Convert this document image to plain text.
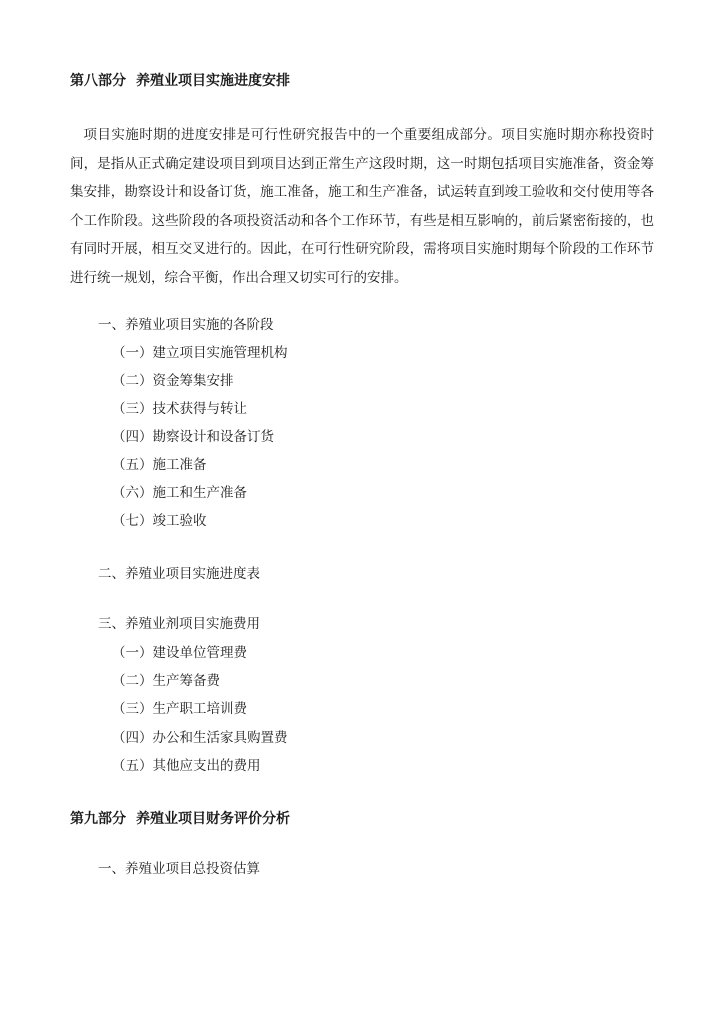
第八部分 养殖业项目实施进度安排

项目实施时期的进度安排是可行性研究报告中的一个重要组成部分。项目实施时期亦称投资时间，是指从正式确定建设项目到项目达到正常生产这段时期，这一时期包括项目实施准备，资金筹集安排，勘察设计和设备订货，施工准备，施工和生产准备，试运转直到竣工验收和交付使用等各个工作阶段。这些阶段的各项投资活动和各个工作环节，有些是相互影响的，前后紧密衔接的，也有同时开展，相互交叉进行的。因此，在可行性研究阶段，需将项目实施时期每个阶段的工作环节进行统一规划，综合平衡，作出合理又切实可行的安排。

一、养殖业项目实施的各阶段
（一）建立项目实施管理机构
（二）资金筹集安排
（三）技术获得与转让
（四）勘察设计和设备订货
（五）施工准备
（六）施工和生产准备
（七）竣工验收
二、养殖业项目实施进度表
三、养殖业剂项目实施费用
（一）建设单位管理费
（二）生产筹备费
（三）生产职工培训费
（四）办公和生活家具购置费
（五）其他应支出的费用
第九部分 养殖业项目财务评价分析
一、养殖业项目总投资估算
